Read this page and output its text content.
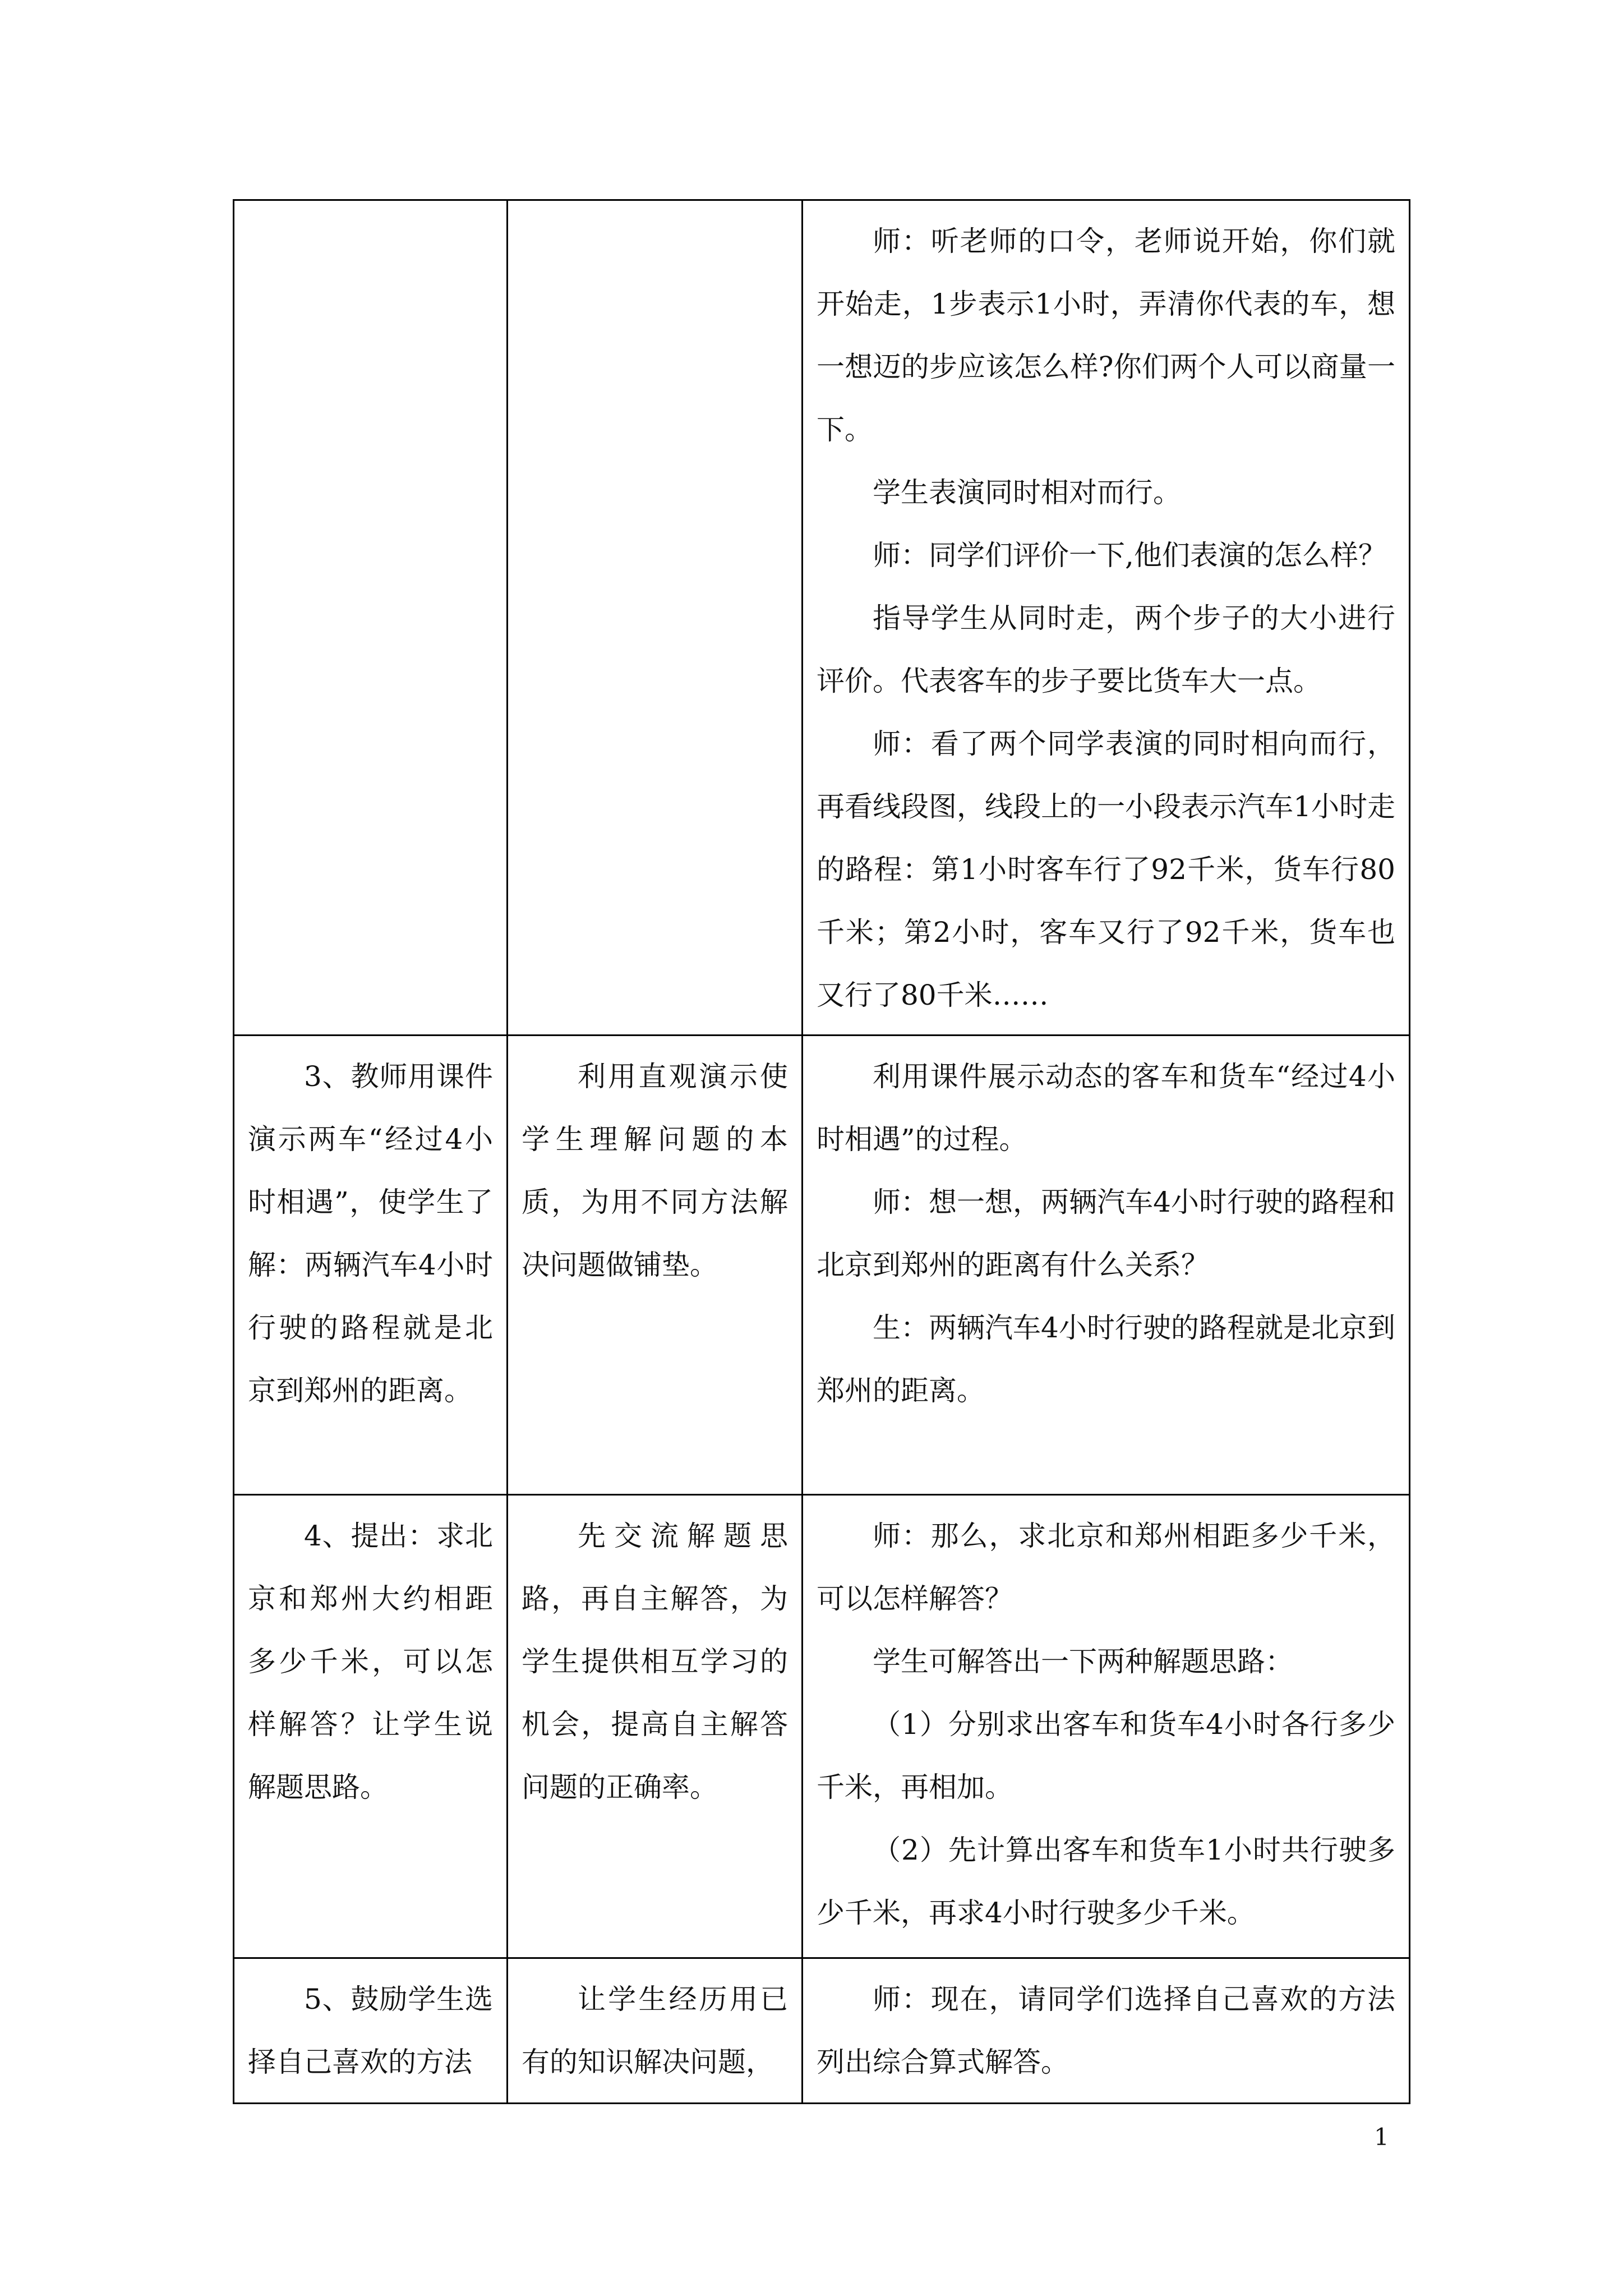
		师：听老师的口令，老师说开始，你们就开始走，1步表示1小时，弄清你代表的车，想一想迈的步应该怎么样?你们两个人可以商量一下。

学生表演同时相对而行。

师：同学们评价一下,他们表演的怎么样？

指导学生从同时走，两个步子的大小进行评价。代表客车的步子要比货车大一点。

师：看了两个同学表演的同时相向而行，再看线段图，线段上的一小段表示汽车1小时走的路程：第1小时客车行了92千米，货车行80千米；第2小时，客车又行了92千米，货车也又行了80千米……

3、教师用课件演示两车“经过4小时相遇”，使学生了解：两辆汽车4小时行驶的路程就是北京到郑州的距离。	利用直观演示使学生理解问题的本质，为用不同方法解决问题做铺垫。	利用课件展示动态的客车和货车“经过4小时相遇”的过程。

师：想一想，两辆汽车4小时行驶的路程和北京到郑州的距离有什么关系？

生：两辆汽车4小时行驶的路程就是北京到郑州的距离。

4、提出：求北京和郑州大约相距多少千米，可以怎样解答？让学生说解题思路。	先交流解题思路，再自主解答，为学生提供相互学习的机会，提高自主解答问题的正确率。	师：那么，求北京和郑州相距多少千米，可以怎样解答？

学生可解答出一下两种解题思路：

（1）分别求出客车和货车4小时各行多少千米，再相加。

（2）先计算出客车和货车1小时共行驶多少千米，再求4小时行驶多少千米。

5、鼓励学生选择自己喜欢的方法	让学生经历用已有的知识解决问题，	师：现在，请同学们选择自己喜欢的方法列出综合算式解答。

1
